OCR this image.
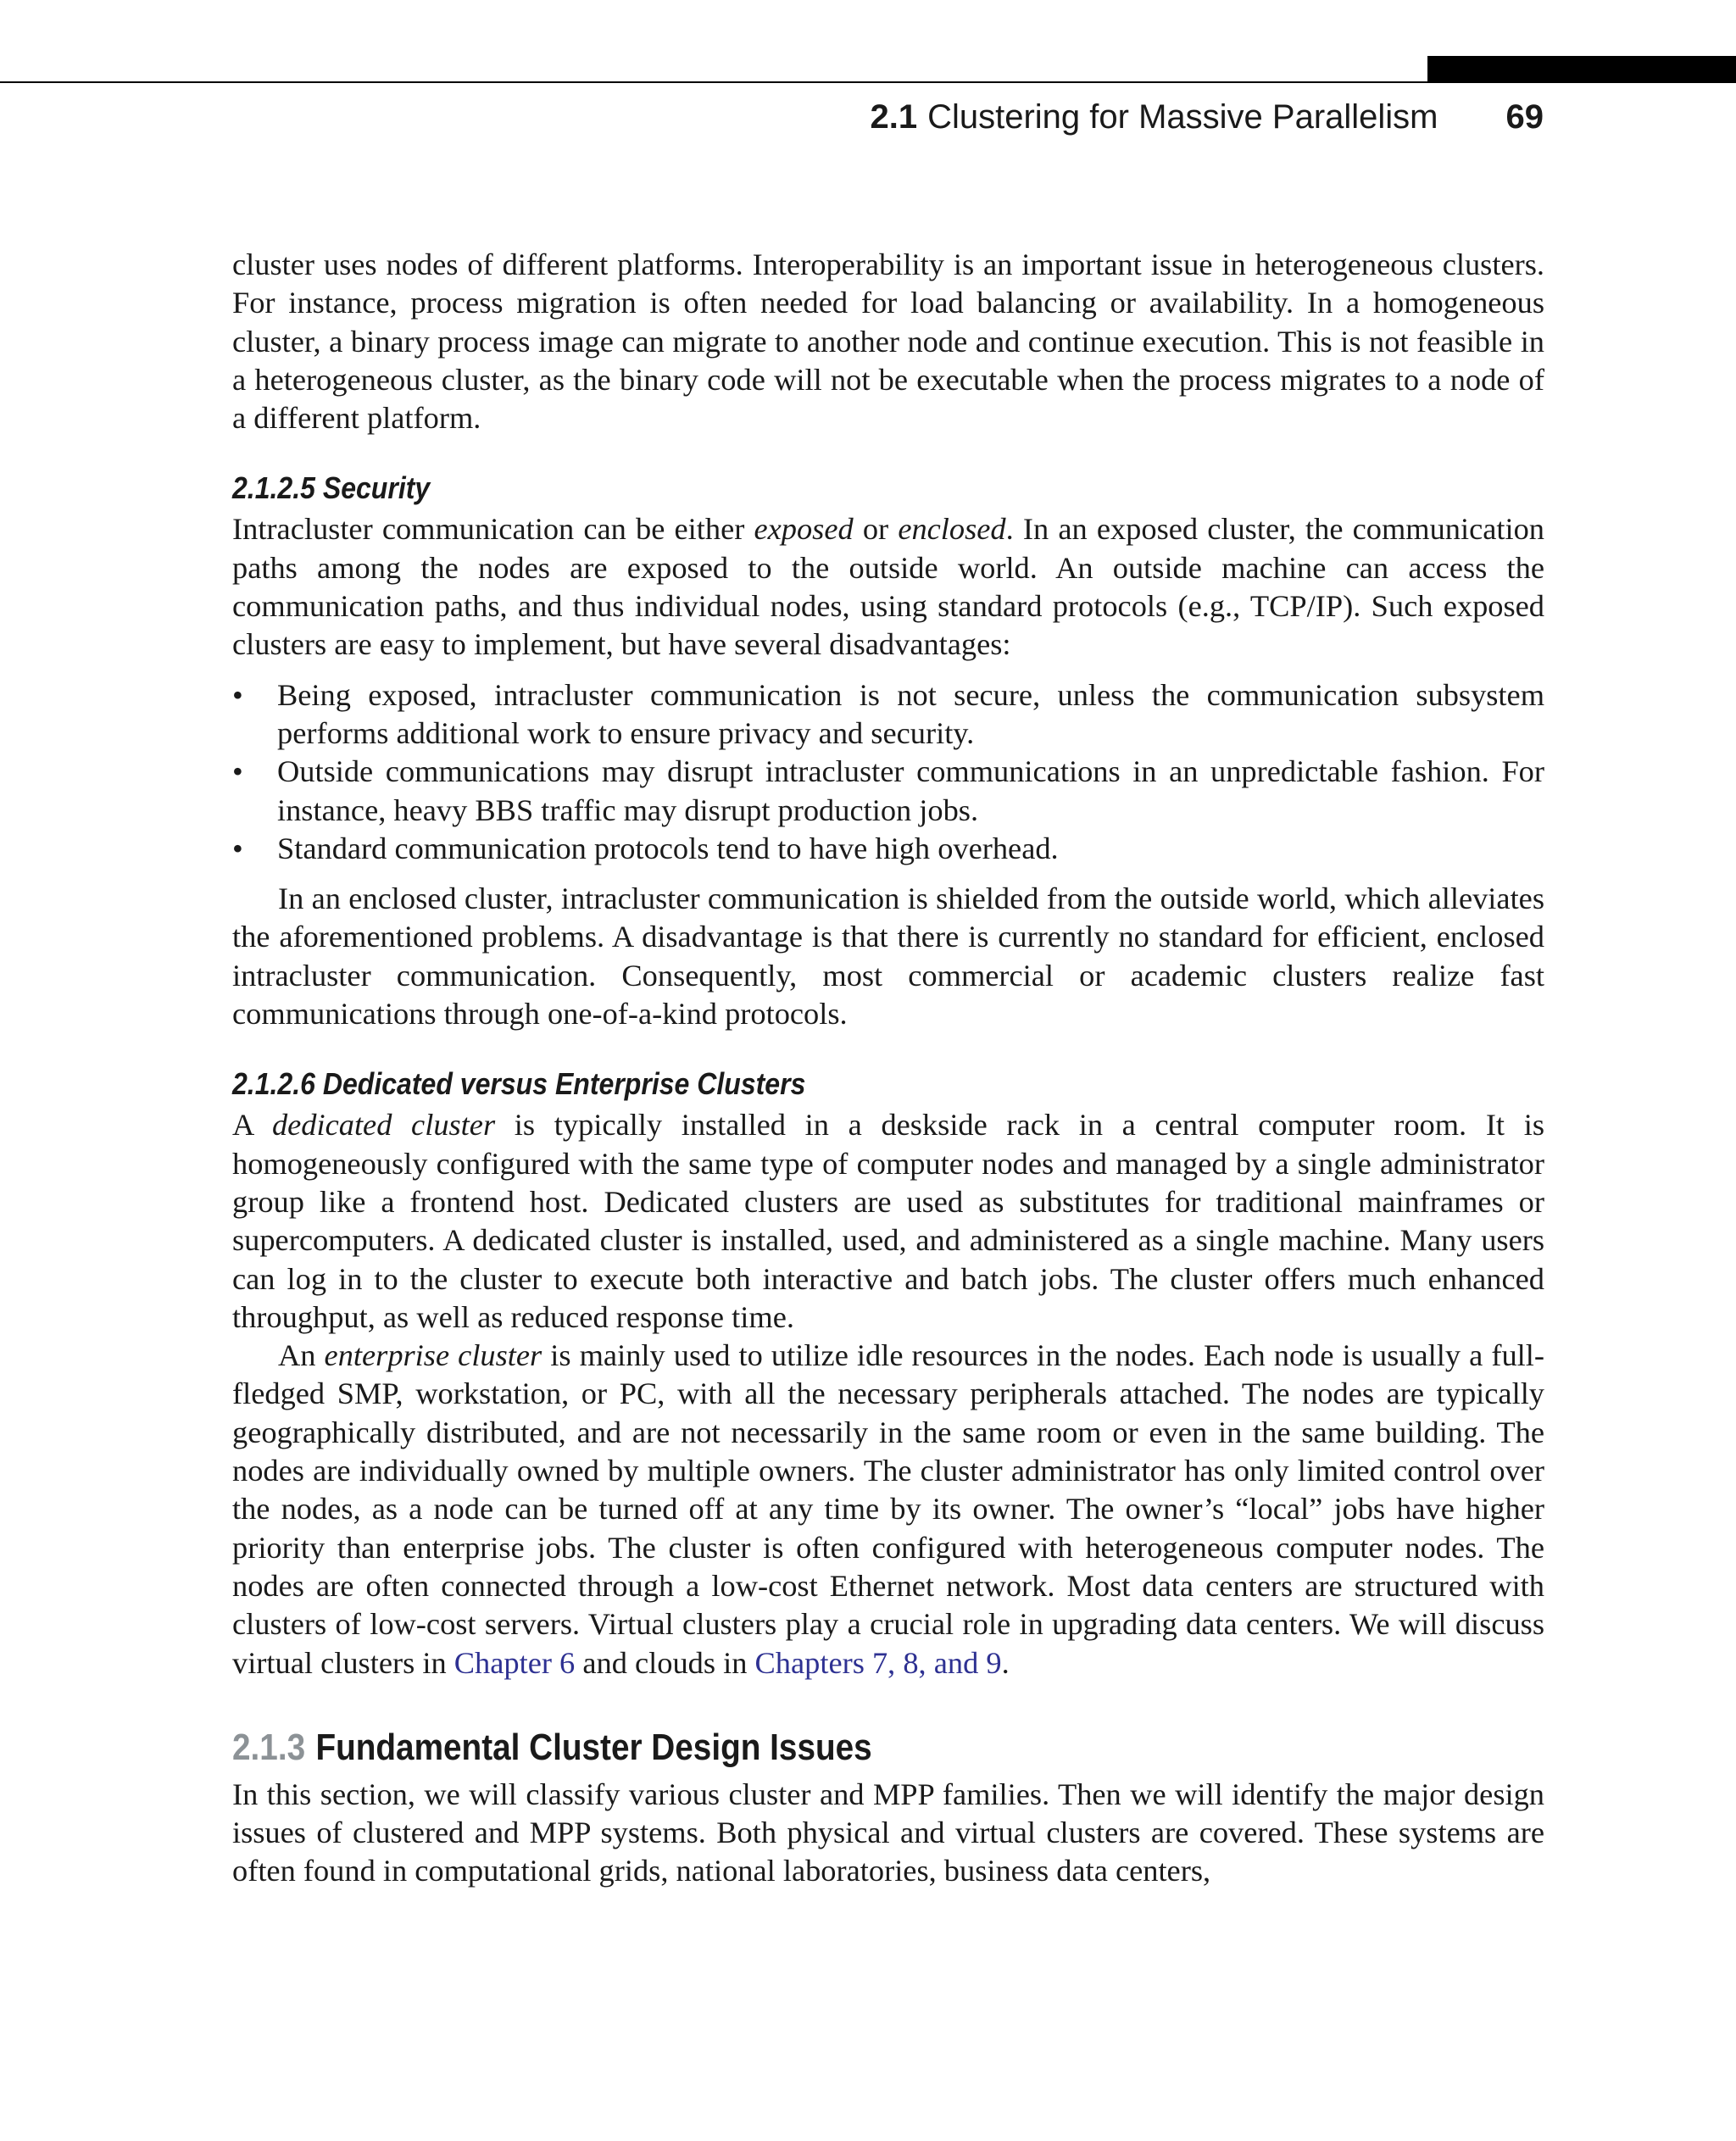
2.1 Clustering for Massive Parallelism 69

cluster uses nodes of different platforms. Interoperability is an important issue in heterogeneous clusters. For instance, process migration is often needed for load balancing or availability. In a homogeneous cluster, a binary process image can migrate to another node and continue execution. This is not feasible in a heterogeneous cluster, as the binary code will not be executable when the process migrates to a node of a different platform.

2.1.2.5 Security

Intracluster communication can be either exposed or enclosed. In an exposed cluster, the communication paths among the nodes are exposed to the outside world. An outside machine can access the communication paths, and thus individual nodes, using standard protocols (e.g., TCP/IP). Such exposed clusters are easy to implement, but have several disadvantages:

• Being exposed, intracluster communication is not secure, unless the communication subsystem performs additional work to ensure privacy and security.
• Outside communications may disrupt intracluster communications in an unpredictable fashion. For instance, heavy BBS traffic may disrupt production jobs.
• Standard communication protocols tend to have high overhead.

In an enclosed cluster, intracluster communication is shielded from the outside world, which alleviates the aforementioned problems. A disadvantage is that there is currently no standard for efficient, enclosed intracluster communication. Consequently, most commercial or academic clusters realize fast communications through one-of-a-kind protocols.

2.1.2.6 Dedicated versus Enterprise Clusters

A dedicated cluster is typically installed in a deskside rack in a central computer room. It is homogeneously configured with the same type of computer nodes and managed by a single administrator group like a frontend host. Dedicated clusters are used as substitutes for traditional mainframes or supercomputers. A dedicated cluster is installed, used, and administered as a single machine. Many users can log in to the cluster to execute both interactive and batch jobs. The cluster offers much enhanced throughput, as well as reduced response time.

An enterprise cluster is mainly used to utilize idle resources in the nodes. Each node is usually a full-fledged SMP, workstation, or PC, with all the necessary peripherals attached. The nodes are typically geographically distributed, and are not necessarily in the same room or even in the same building. The nodes are individually owned by multiple owners. The cluster administrator has only limited control over the nodes, as a node can be turned off at any time by its owner. The owner’s “local” jobs have higher priority than enterprise jobs. The cluster is often configured with heterogeneous computer nodes. The nodes are often connected through a low-cost Ethernet network. Most data centers are structured with clusters of low-cost servers. Virtual clusters play a crucial role in upgrading data centers. We will discuss virtual clusters in Chapter 6 and clouds in Chapters 7, 8, and 9.

2.1.3 Fundamental Cluster Design Issues

In this section, we will classify various cluster and MPP families. Then we will identify the major design issues of clustered and MPP systems. Both physical and virtual clusters are covered. These systems are often found in computational grids, national laboratories, business data centers,
